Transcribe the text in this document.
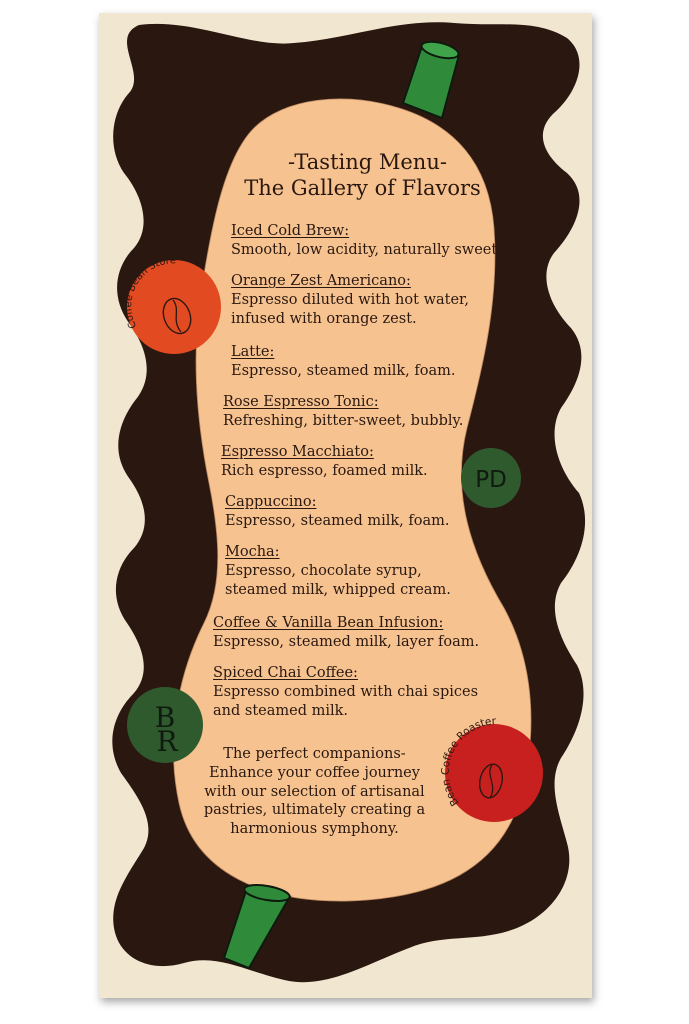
Coffee Bean Store
PD
B
R
Bean Coffee Roaster

-Tasting Menu-

The Gallery of Flavors

Iced Cold Brew:
Smooth, low acidity, naturally sweet.
Orange Zest Americano:
Espresso diluted with hot water,
infused with orange zest.
Latte:
Espresso, steamed milk, foam.
Rose Espresso Tonic:
Refreshing, bitter-sweet, bubbly.
Espresso Macchiato:
Rich espresso, foamed milk.
Cappuccino:
Espresso, steamed milk, foam.
Mocha:
Espresso, chocolate syrup,
steamed milk, whipped cream.
Coffee & Vanilla Bean Infusion:
Espresso, steamed milk, layer foam.
Spiced Chai Coffee:
Espresso combined with chai spices
and steamed milk.

The perfect companions-
Enhance your coffee journey
with our selection of artisanal
pastries, ultimately creating a
harmonious symphony.
